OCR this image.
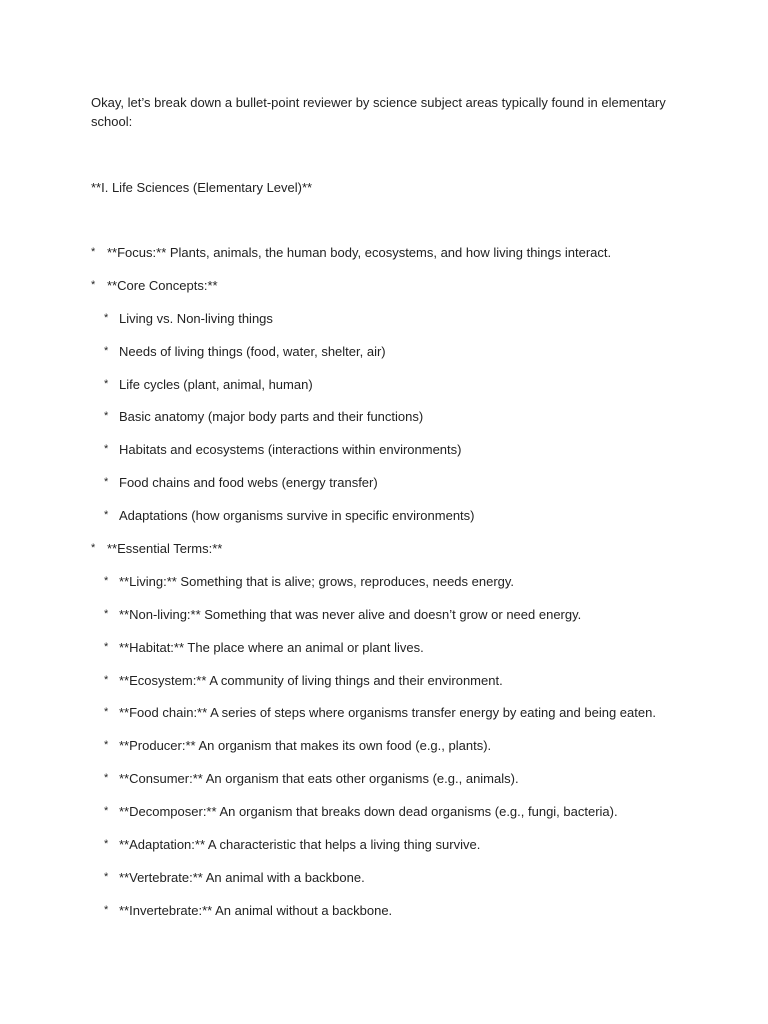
Okay, let’s break down a bullet-point reviewer by science subject areas typically found in elementary school:

**I. Life Sciences (Elementary Level)**

* **Focus:** Plants, animals, the human body, ecosystems, and how living things interact.
* **Core Concepts:**
* Living vs. Non-living things
* Needs of living things (food, water, shelter, air)
* Life cycles (plant, animal, human)
* Basic anatomy (major body parts and their functions)
* Habitats and ecosystems (interactions within environments)
* Food chains and food webs (energy transfer)
* Adaptations (how organisms survive in specific environments)
* **Essential Terms:**
* **Living:** Something that is alive; grows, reproduces, needs energy.
* **Non-living:** Something that was never alive and doesn’t grow or need energy.
* **Habitat:** The place where an animal or plant lives.
* **Ecosystem:** A community of living things and their environment.
* **Food chain:** A series of steps where organisms transfer energy by eating and being eaten.
* **Producer:** An organism that makes its own food (e.g., plants).
* **Consumer:** An organism that eats other organisms (e.g., animals).
* **Decomposer:** An organism that breaks down dead organisms (e.g., fungi, bacteria).
* **Adaptation:** A characteristic that helps a living thing survive.
* **Vertebrate:** An animal with a backbone.
* **Invertebrate:** An animal without a backbone.
